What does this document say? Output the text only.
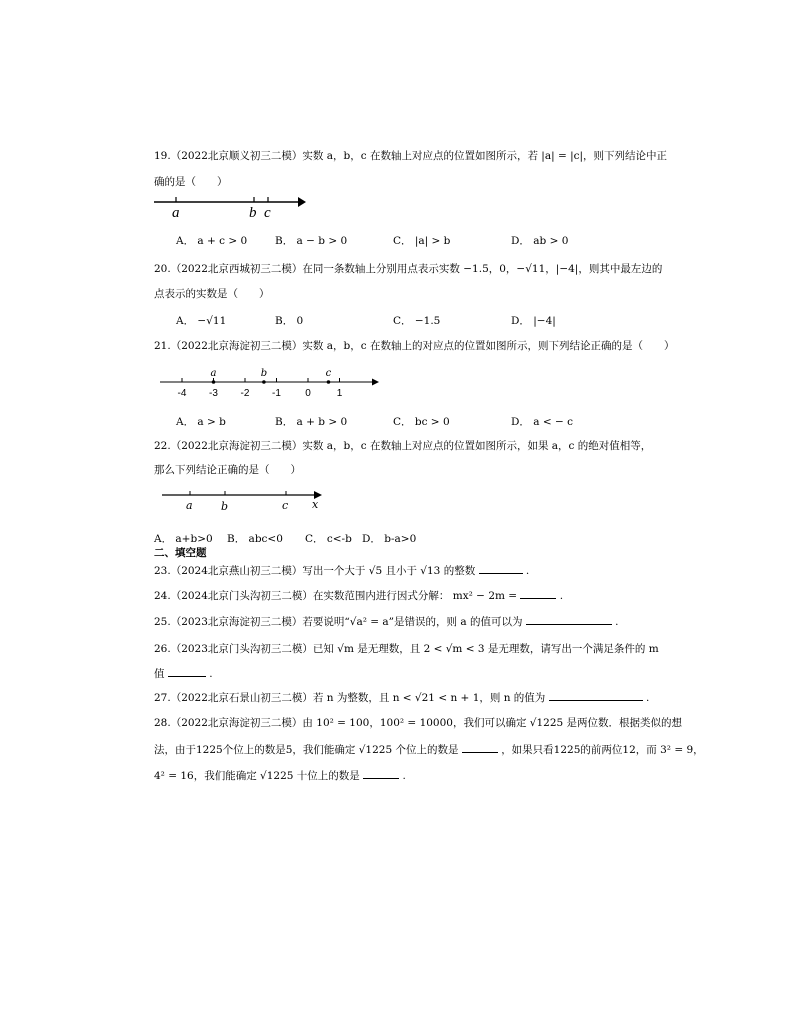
19.（2022北京顺义初三二模）实数 a，b，c 在数轴上对应点的位置如图所示，若 |a| = |c|，则下列结论中正
确的是（　　）
a	b c
A． a + c > 0	B． a − b > 0	C． |a| > b	D． ab > 0
20.（2022北京西城初三二模）在同一条数轴上分别用点表示实数 −1.5，0，−√11，|−4|，则其中最左边的
点表示的实数是（　　）
A． −√11	B． 0	C． −1.5	D． |−4|
21.（2022北京海淀初三二模）实数 a，b，c 在数轴上的对应点的位置如图所示，则下列结论正确的是（　　）
-4 -3 -2 -1 0	1
a	b	c
A． a > b	B． a + b > 0	C． bc > 0	D． a < − c
22.（2022北京海淀初三二模）实数 a，b，c 在数轴上对应点的位置如图所示，如果 a，c 的绝对值相等，
那么下列结论正确的是（　　）
a	b	c x
A． a+b>0 B． abc<0 C． c<-b D． b-a>0
二、填空题
23.（2024北京燕山初三二模）写出一个大于 √5 且小于 √13 的整数	.
24.（2024北京门头沟初三二模）在实数范围内进行因式分解： mx² − 2m =	.
25.（2023北京海淀初三二模）若要说明“√a² = a”是错误的，则 a 的值可以为	.
26.（2023北京门头沟初三二模）已知 √m 是无理数，且 2 < √m < 3 是无理数，请写出一个满足条件的 m
值	.
27.（2022北京石景山初三二模）若 n 为整数，且 n < √21 < n + 1，则 n 的值为	.
28.（2022北京海淀初三二模）由 10² = 100，100² = 10000，我们可以确定 √1225 是两位数．根据类似的想
法，由于1225个位上的数是5，我们能确定 √1225 个位上的数是	，如果只看1225的前两位12，而 3² = 9，
4² = 16，我们能确定 √1225 十位上的数是	.
